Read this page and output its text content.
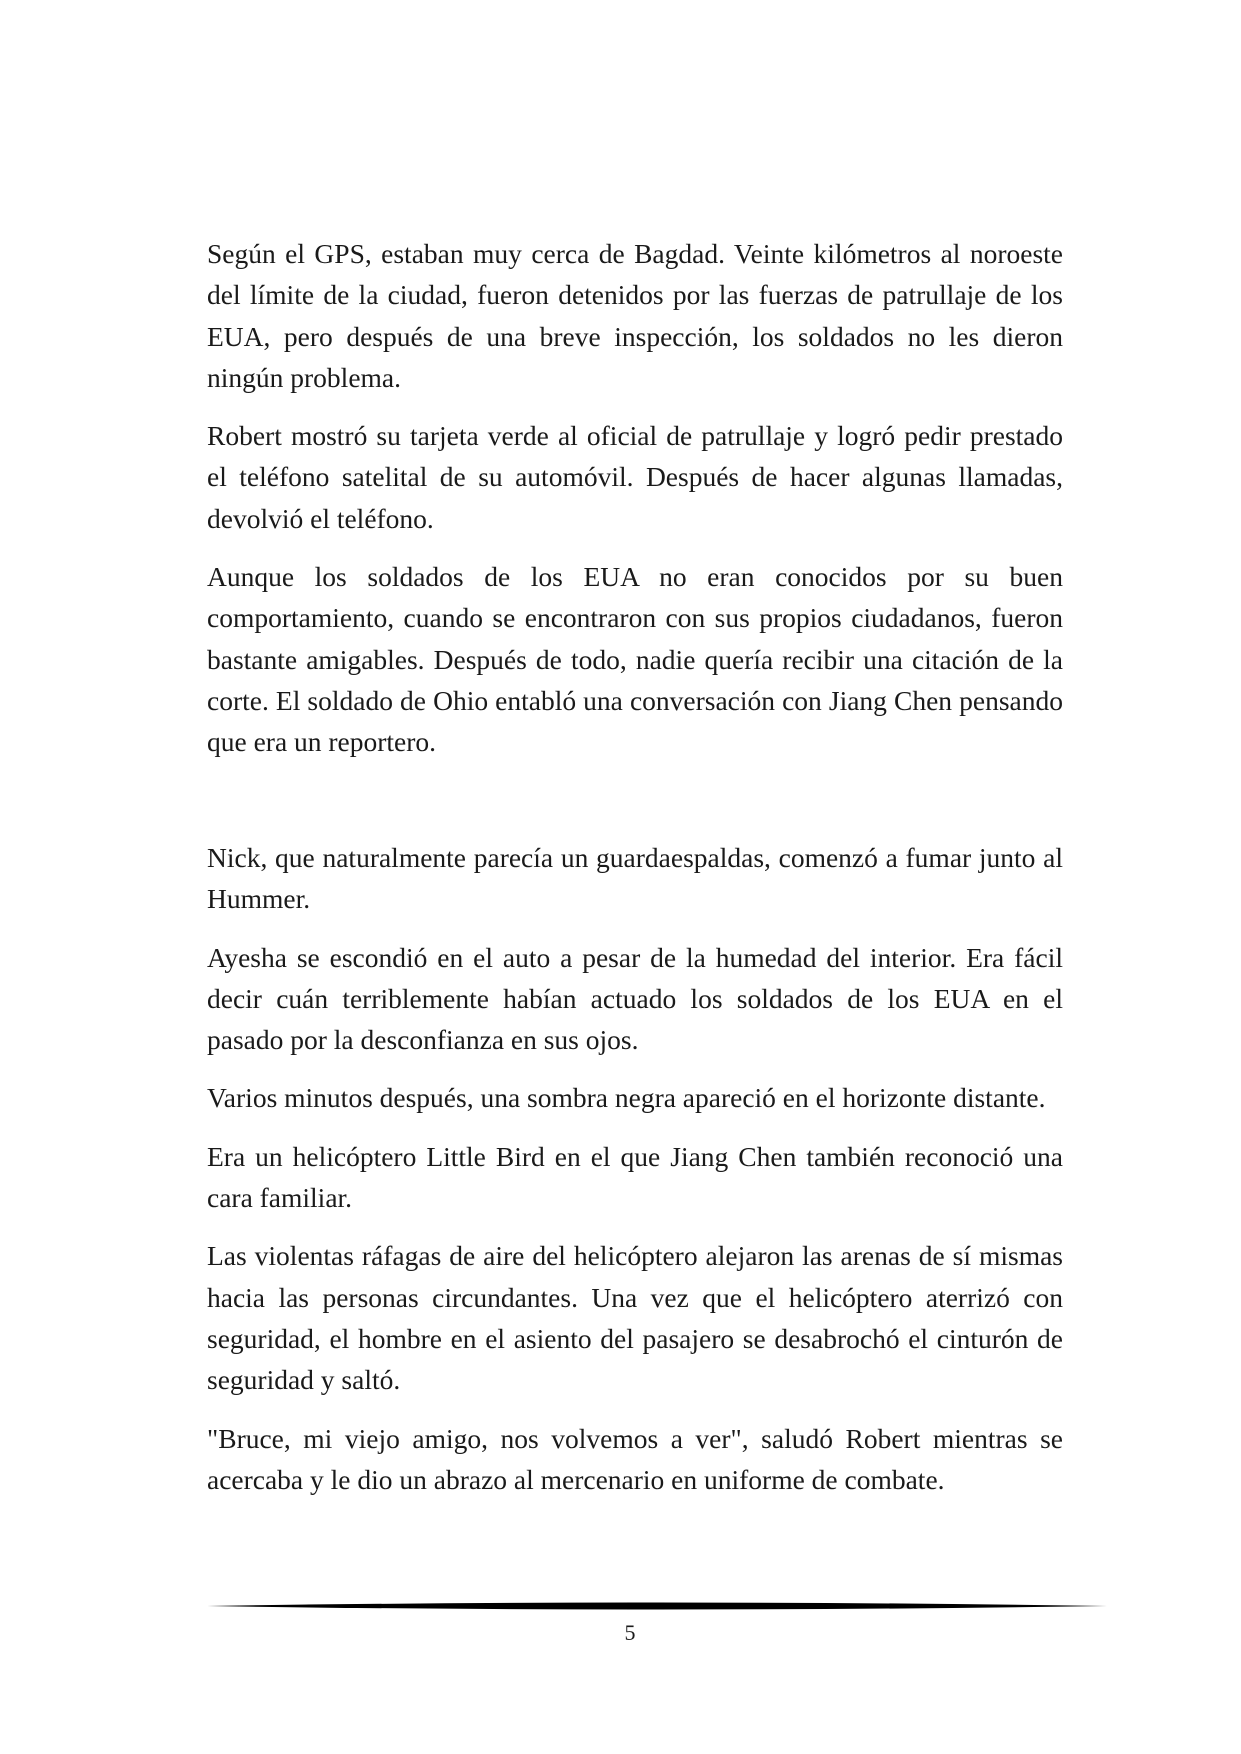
Según el GPS, estaban muy cerca de Bagdad. Veinte kilómetros al noroeste del límite de la ciudad, fueron detenidos por las fuerzas de patrullaje de los EUA, pero después de una breve inspección, los soldados no les dieron ningún problema.

Robert mostró su tarjeta verde al oficial de patrullaje y logró pedir prestado el teléfono satelital de su automóvil. Después de hacer algunas llamadas, devolvió el teléfono.

Aunque los soldados de los EUA no eran conocidos por su buen comportamiento, cuando se encontraron con sus propios ciudadanos, fueron bastante amigables. Después de todo, nadie quería recibir una citación de la corte. El soldado de Ohio entabló una conversación con Jiang Chen pensando que era un reportero.

Nick, que naturalmente parecía un guardaespaldas, comenzó a fumar junto al Hummer.

Ayesha se escondió en el auto a pesar de la humedad del interior. Era fácil decir cuán terriblemente habían actuado los soldados de los EUA en el pasado por la desconfianza en sus ojos.

Varios minutos después, una sombra negra apareció en el horizonte distante.

Era un helicóptero Little Bird en el que Jiang Chen también reconoció una cara familiar.

Las violentas ráfagas de aire del helicóptero alejaron las arenas de sí mismas hacia las personas circundantes. Una vez que el helicóptero aterrizó con seguridad, el hombre en el asiento del pasajero se desabrochó el cinturón de seguridad y saltó.

"Bruce, mi viejo amigo, nos volvemos a ver", saludó Robert mientras se acercaba y le dio un abrazo al mercenario en uniforme de combate.

5
